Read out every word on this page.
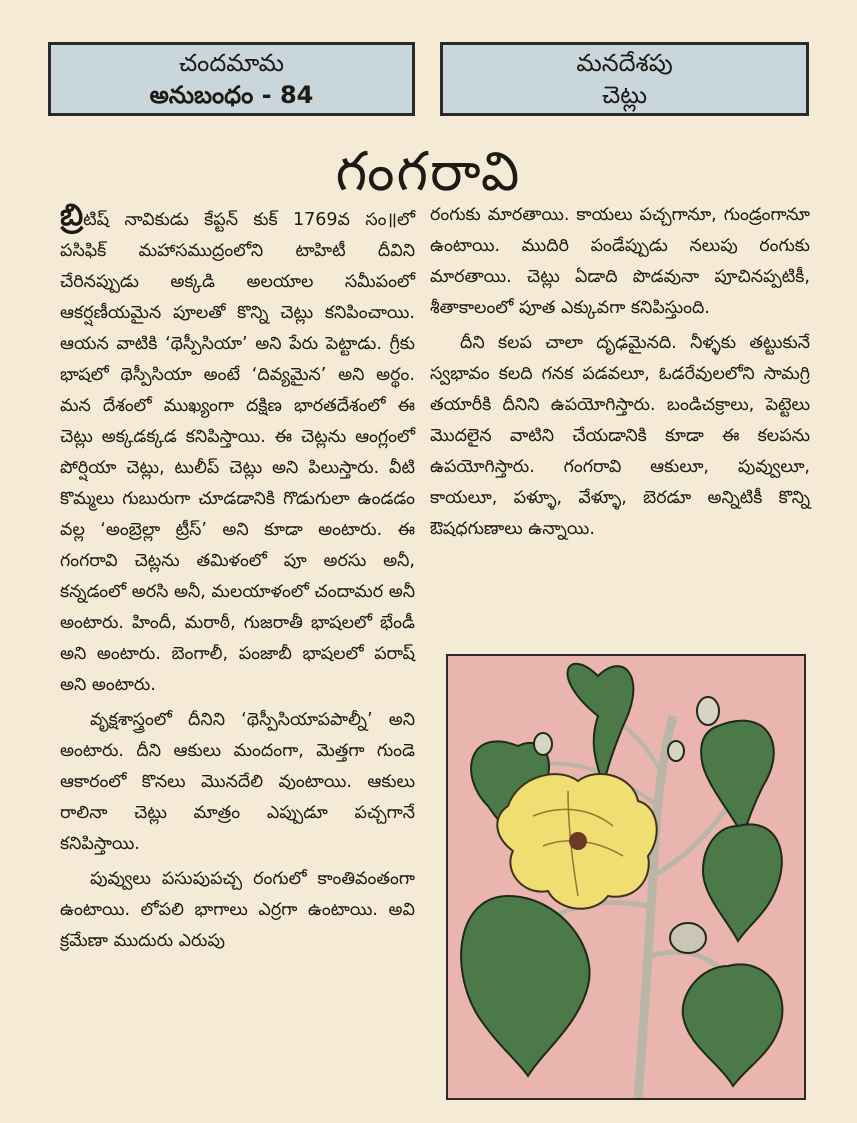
చందమామ
అనుబంధం - 84
మనదేశపు
చెట్లు
గంగరావి

బ్రిటిష్ నావికుడు కేప్టన్ కుక్ 1769వ సం॥లో పసిఫిక్ మహాసముద్రంలోని టాహిటీ దీవిని చేరినప్పుడు అక్కడి అలయాల సమీపంలో ఆకర్షణీయమైన పూలతో కొన్ని చెట్లు కనిపించాయి. ఆయన వాటికి ‘థెస్పీసియా’ అని పేరు పెట్టాడు. గ్రీకు భాషలో థెస్పీసియా అంటే ‘దివ్యమైన’ అని అర్థం. మన దేశంలో ముఖ్యంగా దక్షిణ భారతదేశంలో ఈ చెట్లు అక్కడక్కడ కనిపిస్తాయి. ఈ చెట్లను ఆంగ్లంలో పోర్షియా చెట్లు, టులీప్ చెట్లు అని పిలుస్తారు. వీటి కొమ్మలు గుబురుగా చూడడానికి గొడుగులా ఉండడం వల్ల ‘అంబ్రెల్లా ట్రీస్’ అని కూడా అంటారు. ఈ గంగరావి చెట్లను తమిళంలో పూ అరసు అనీ, కన్నడంలో అరసి అనీ, మలయాళంలో చందామర అనీ అంటారు. హిందీ, మరాఠీ, గుజరాతీ భాషలలో భేండీ అని అంటారు. బెంగాలీ, పంజాబీ భాషలలో పరాష్ అని అంటారు.

వృక్షశాస్త్రంలో దీనిని ‘థెస్పీసియాపపాల్నీ’ అని అంటారు. దీని ఆకులు మందంగా, మెత్తగా గుండె ఆకారంలో కొనలు మొనదేలి వుంటాయి. ఆకులు రాలినా చెట్లు మాత్రం ఎప్పుడూ పచ్చగానే కనిపిస్తాయి.

పువ్వులు పసుపుపచ్చ రంగులో కాంతివంతంగా ఉంటాయి. లోపలి భాగాలు ఎర్రగా ఉంటాయి. అవి క్రమేణా ముదురు ఎరుపు

రంగుకు మారతాయి. కాయలు పచ్చగానూ, గుండ్రంగానూ ఉంటాయి. ముదిరి పండేప్పుడు నలుపు రంగుకు మారతాయి. చెట్లు ఏడాది పొడవునా పూచినప్పటికీ, శీతాకాలంలో పూత ఎక్కువగా కనిపిస్తుంది.

దీని కలప చాలా దృఢమైనది. నీళ్ళకు తట్టుకునే స్వభావం కలది గనక పడవలూ, ఓడరేవులలోని సామగ్రి తయారీకి దీనిని ఉపయోగిస్తారు. బండిచక్రాలు, పెట్టెలు మొదలైన వాటిని చేయడానికి కూడా ఈ కలపను ఉపయోగిస్తారు. గంగరావి ఆకులూ, పువ్వులూ, కాయలూ, పళ్ళూ, వేళ్ళూ, బెరడూ అన్నిటికీ కొన్ని ఔషధగుణాలు ఉన్నాయి.
